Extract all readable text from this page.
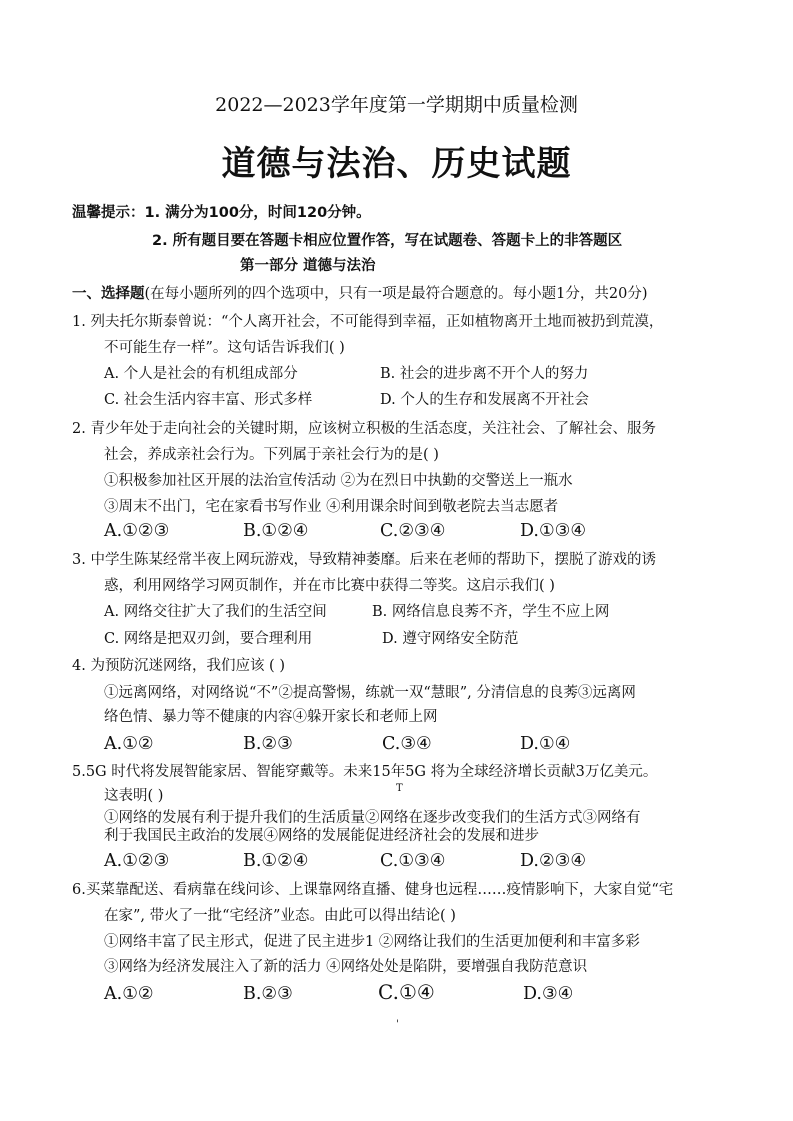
2022—2023学年度第一学期期中质量检测
道德与法治、历史试题
温馨提示：1. 满分为100分，时间120分钟。
2. 所有题目要在答题卡相应位置作答，写在试题卷、答题卡上的非答题区
第一部分 道德与法治
一、选择题(在每小题所列的四个选项中，只有一项是最符合题意的。每小题1分，共20分)
1. 列夫托尔斯泰曾说：“个人离开社会，不可能得到幸福，正如植物离开土地而被扔到荒漠，
不可能生存一样”。这句话告诉我们( )
A. 个人是社会的有机组成部分	B. 社会的进步离不开个人的努力
C. 社会生活内容丰富、形式多样	D. 个人的生存和发展离不开社会
2. 青少年处于走向社会的关键时期，应该树立积极的生活态度，关注社会、了解社会、服务
社会，养成亲社会行为。下列属于亲社会行为的是( )
①积极参加社区开展的法治宣传活动 ②为在烈日中执勤的交警送上一瓶水
③周末不出门，宅在家看书写作业 ④利用课余时间到敬老院去当志愿者
A.①②③	B.①②④	C.②③④	D.①③④
3. 中学生陈某经常半夜上网玩游戏，导致精神萎靡。后来在老师的帮助下，摆脱了游戏的诱
惑，利用网络学习网页制作，并在市比赛中获得二等奖。这启示我们( )
A. 网络交往扩大了我们的生活空间	B. 网络信息良莠不齐，学生不应上网
C. 网络是把双刃剑，要合理利用	D. 遵守网络安全防范
4. 为预防沉迷网络，我们应该 ( )
①远离网络，对网络说“不”②提高警惕，练就一双“慧眼”, 分清信息的良莠③远离网
络色情、暴力等不健康的内容④躲开家长和老师上网
A.①②	B.②③	C.③④	D.①④
5.5G 时代将发展智能家居、智能穿戴等。未来15年5G 将为全球经济增长贡献3万亿美元。
这表明( )	T
①网络的发展有利于提升我们的生活质量②网络在逐步改变我们的生活方式③网络有
利于我国民主政治的发展④网络的发展能促进经济社会的发展和进步
A.①②③	B.①②④	C.①③④	D.②③④
6.买菜靠配送、看病靠在线问诊、上课靠网络直播、健身也远程……疫情影响下，大家自觉“宅
在家”, 带火了一批“宅经济”业态。由此可以得出结论( )
①网络丰富了民主形式，促进了民主进步1 ②网络让我们的生活更加便利和丰富多彩
③网络为经济发展注入了新的活力 ④网络处处是陷阱，要增强自我防范意识
A.①②	B.②③	C.①④	D.③④
'
